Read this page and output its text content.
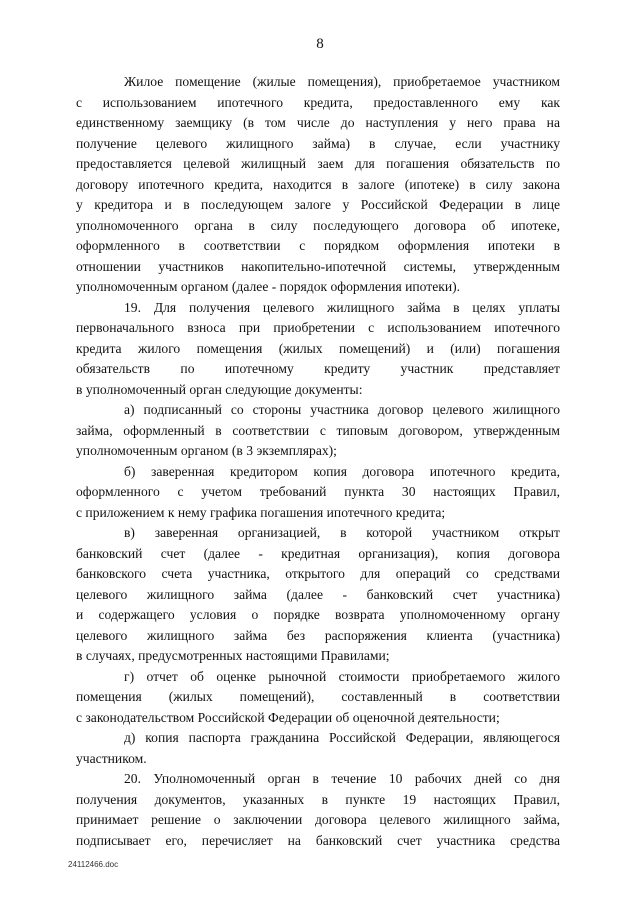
8
Жилое помещение (жилые помещения), приобретаемое участником
с использованием ипотечного кредита, предоставленного ему как
единственному заемщику (в том числе до наступления у него права на
получение целевого жилищного займа) в случае, если участнику
предоставляется целевой жилищный заем для погашения обязательств по
договору ипотечного кредита, находится в залоге (ипотеке) в силу закона
у кредитора и в последующем залоге у Российской Федерации в лице
уполномоченного органа в силу последующего договора об ипотеке,
оформленного в соответствии с порядком оформления ипотеки в
отношении участников накопительно-ипотечной системы, утвержденным
уполномоченным органом (далее - порядок оформления ипотеки).
19. Для получения целевого жилищного займа в целях уплаты
первоначального взноса при приобретении с использованием ипотечного
кредита жилого помещения (жилых помещений) и (или) погашения
обязательств по ипотечному кредиту участник представляет
в уполномоченный орган следующие документы:
а) подписанный со стороны участника договор целевого жилищного
займа, оформленный в соответствии с типовым договором, утвержденным
уполномоченным органом (в 3 экземплярах);
б) заверенная кредитором копия договора ипотечного кредита,
оформленного с учетом требований пункта 30 настоящих Правил,
с приложением к нему графика погашения ипотечного кредита;
в) заверенная организацией, в которой участником открыт
банковский счет (далее - кредитная организация), копия договора
банковского счета участника, открытого для операций со средствами
целевого жилищного займа (далее - банковский счет участника)
и содержащего условия о порядке возврата уполномоченному органу
целевого жилищного займа без распоряжения клиента (участника)
в случаях, предусмотренных настоящими Правилами;
г) отчет об оценке рыночной стоимости приобретаемого жилого
помещения (жилых помещений), составленный в соответствии
с законодательством Российской Федерации об оценочной деятельности;
д) копия паспорта гражданина Российской Федерации, являющегося
участником.
20. Уполномоченный орган в течение 10 рабочих дней со дня
получения документов, указанных в пункте 19 настоящих Правил,
принимает решение о заключении договора целевого жилищного займа,
подписывает его, перечисляет на банковский счет участника средства
24112466.doc
